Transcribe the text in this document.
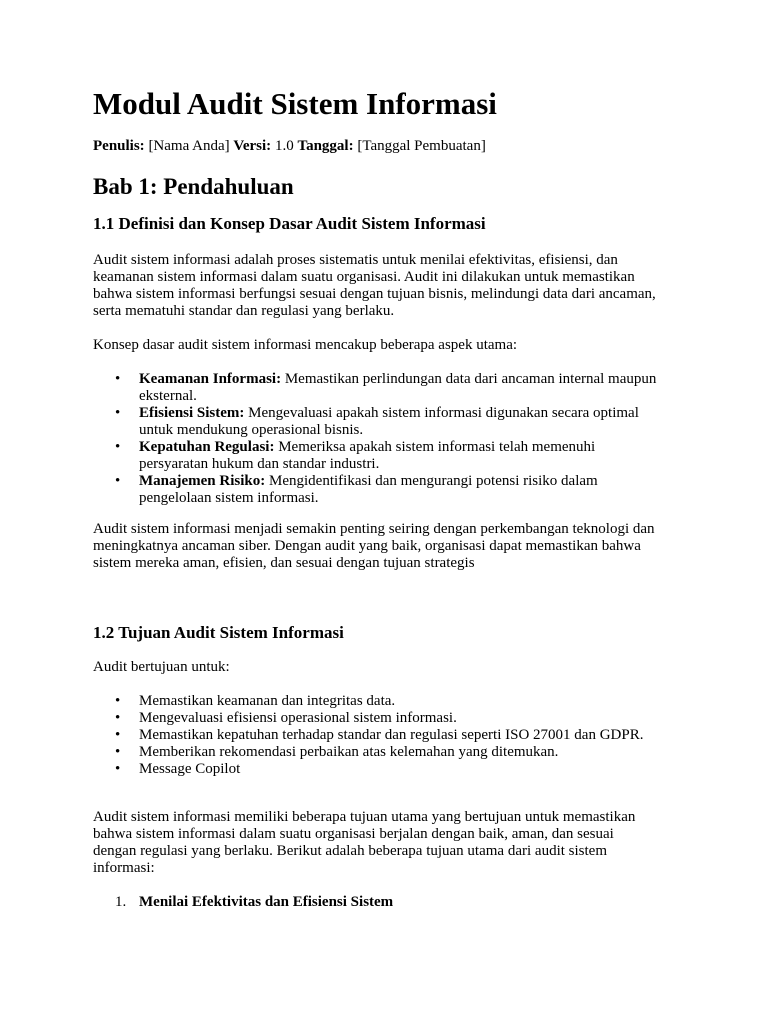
Modul Audit Sistem Informasi
Penulis: [Nama Anda] Versi: 1.0 Tanggal: [Tanggal Pembuatan]
Bab 1: Pendahuluan
1.1 Definisi dan Konsep Dasar Audit Sistem Informasi

Audit sistem informasi adalah proses sistematis untuk menilai efektivitas, efisiensi, dan
keamanan sistem informasi dalam suatu organisasi. Audit ini dilakukan untuk memastikan
bahwa sistem informasi berfungsi sesuai dengan tujuan bisnis, melindungi data dari ancaman,
serta mematuhi standar dan regulasi yang berlaku.

Konsep dasar audit sistem informasi mencakup beberapa aspek utama:

• Keamanan Informasi: Memastikan perlindungan data dari ancaman internal maupun
eksternal.
• Efisiensi Sistem: Mengevaluasi apakah sistem informasi digunakan secara optimal
untuk mendukung operasional bisnis.
• Kepatuhan Regulasi: Memeriksa apakah sistem informasi telah memenuhi
persyaratan hukum dan standar industri.
• Manajemen Risiko: Mengidentifikasi dan mengurangi potensi risiko dalam
pengelolaan sistem informasi.

Audit sistem informasi menjadi semakin penting seiring dengan perkembangan teknologi dan
meningkatnya ancaman siber. Dengan audit yang baik, organisasi dapat memastikan bahwa
sistem mereka aman, efisien, dan sesuai dengan tujuan strategis

1.2 Tujuan Audit Sistem Informasi

Audit bertujuan untuk:

• Memastikan keamanan dan integritas data.
• Mengevaluasi efisiensi operasional sistem informasi.
• Memastikan kepatuhan terhadap standar dan regulasi seperti ISO 27001 dan GDPR.
• Memberikan rekomendasi perbaikan atas kelemahan yang ditemukan.
• Message Copilot

Audit sistem informasi memiliki beberapa tujuan utama yang bertujuan untuk memastikan
bahwa sistem informasi dalam suatu organisasi berjalan dengan baik, aman, dan sesuai
dengan regulasi yang berlaku. Berikut adalah beberapa tujuan utama dari audit sistem
informasi:

1. Menilai Efektivitas dan Efisiensi Sistem
